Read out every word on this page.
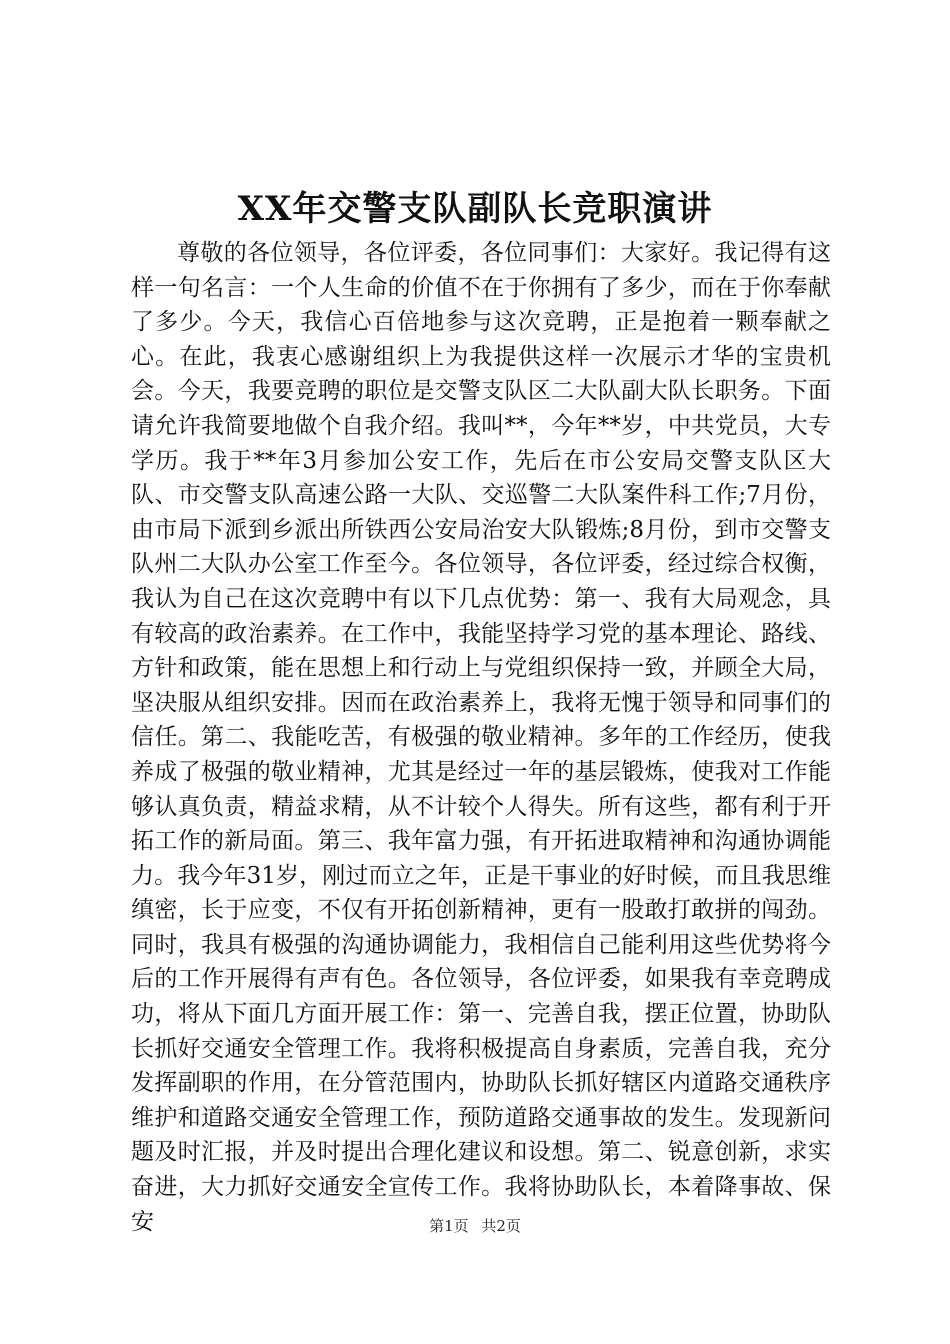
XX年交警支队副队长竞职演讲

尊敬的各位领导，各位评委，各位同事们：大家好。我记得有这样一句名言：一个人生命的价值不在于你拥有了多少，而在于你奉献了多少。今天，我信心百倍地参与这次竞聘，正是抱着一颗奉献之心。在此，我衷心感谢组织上为我提供这样一次展示才华的宝贵机会。今天，我要竞聘的职位是交警支队区二大队副大队长职务。下面请允许我简要地做个自我介绍。我叫**，今年**岁，中共党员，大专学历。我于**年3月参加公安工作，先后在市公安局交警支队区大队、市交警支队高速公路一大队、交巡警二大队案件科工作;7月份，由市局下派到乡派出所铁西公安局治安大队锻炼;8月份，到市交警支队州二大队办公室工作至今。各位领导，各位评委，经过综合权衡，我认为自己在这次竞聘中有以下几点优势：第一、我有大局观念，具有较高的政治素养。在工作中，我能坚持学习党的基本理论、路线、方针和政策，能在思想上和行动上与党组织保持一致，并顾全大局，坚决服从组织安排。因而在政治素养上，我将无愧于领导和同事们的信任。第二、我能吃苦，有极强的敬业精神。多年的工作经历，使我养成了极强的敬业精神，尤其是经过一年的基层锻炼，使我对工作能够认真负责，精益求精，从不计较个人得失。所有这些，都有利于开拓工作的新局面。第三、我年富力强，有开拓进取精神和沟通协调能力。我今年31岁，刚过而立之年，正是干事业的好时候，而且我思维缜密，长于应变，不仅有开拓创新精神，更有一股敢打敢拼的闯劲。同时，我具有极强的沟通协调能力，我相信自己能利用这些优势将今后的工作开展得有声有色。各位领导，各位评委，如果我有幸竞聘成功，将从下面几方面开展工作：第一、完善自我，摆正位置，协助队长抓好交通安全管理工作。我将积极提高自身素质，完善自我，充分发挥副职的作用，在分管范围内，协助队长抓好辖区内道路交通秩序维护和道路交通安全管理工作，预防道路交通事故的发生。发现新问题及时汇报，并及时提出合理化建议和设想。第二、锐意创新，求实奋进，大力抓好交通安全宣传工作。我将协助队长，本着降事故、保安	第1页 共2页
